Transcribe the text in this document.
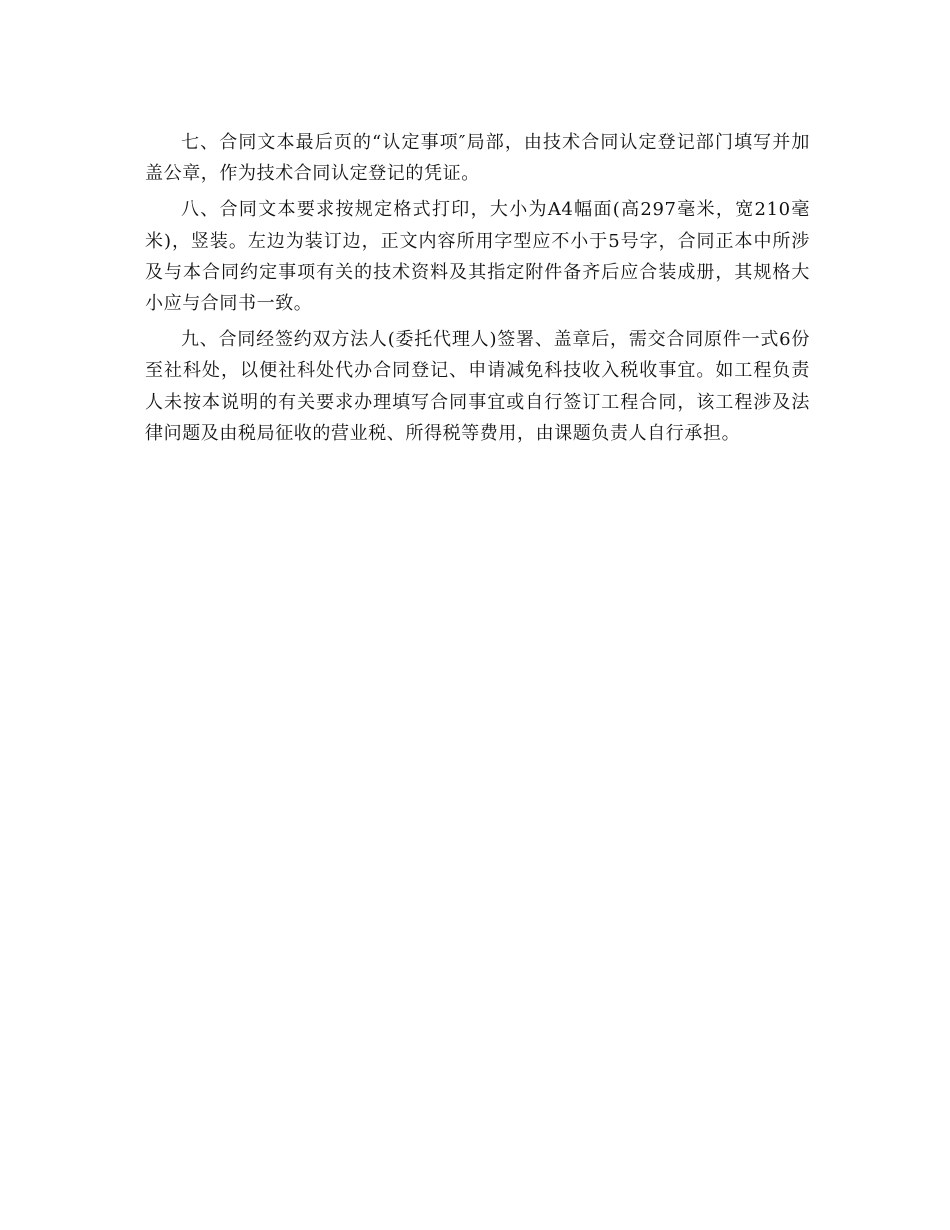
七、合同文本最后页的“认定事项″局部，由技术合同认定登记部门填写并加盖公章，作为技术合同认定登记的凭证。

八、合同文本要求按规定格式打印，大小为A4幅面(高297毫米，宽210毫米)，竖装。左边为装订边，正文内容所用字型应不小于5号字，合同正本中所涉及与本合同约定事项有关的技术资料及其指定附件备齐后应合装成册，其规格大小应与合同书一致。

九、合同经签约双方法人(委托代理人)签署、盖章后，需交合同原件一式6份至社科处，以便社科处代办合同登记、申请减免科技收入税收事宜。如工程负责人未按本说明的有关要求办理填写合同事宜或自行签订工程合同，该工程涉及法律问题及由税局征收的营业税、所得税等费用，由课题负责人自行承担。
